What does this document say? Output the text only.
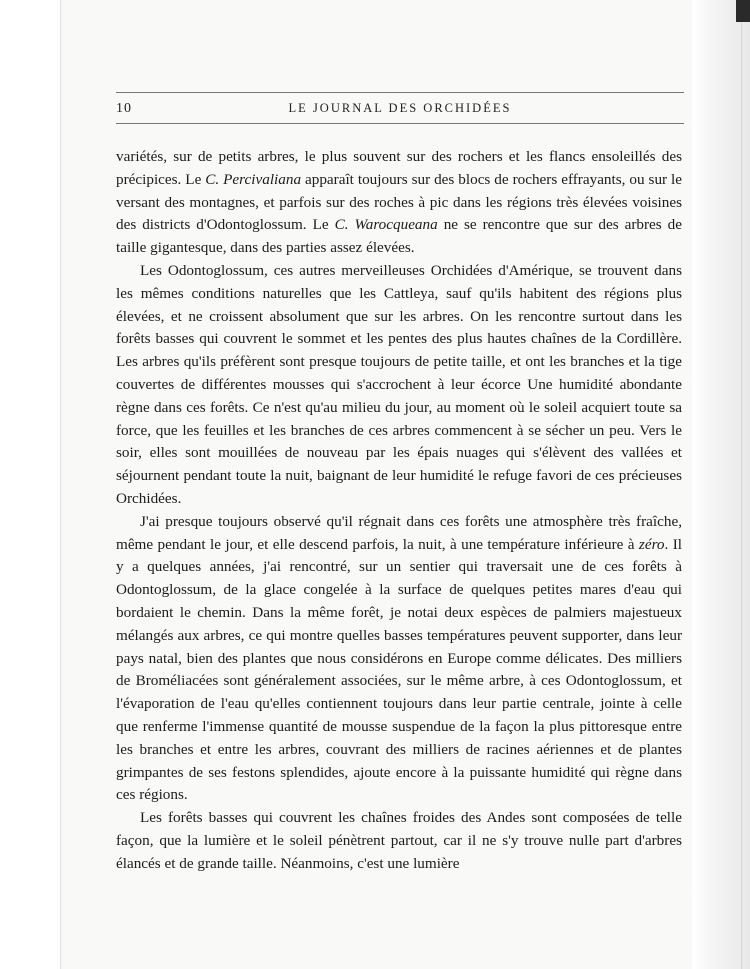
10	LE JOURNAL DES ORCHIDÉES

variétés, sur de petits arbres, le plus souvent sur des rochers et les flancs ensoleillés des précipices. Le C. Percivaliana apparaît toujours sur des blocs de rochers effrayants, ou sur le versant des montagnes, et parfois sur des roches à pic dans les régions très élevées voisines des districts d'Odontoglossum. Le C. Warocqueana ne se rencontre que sur des arbres de taille gigantesque, dans des parties assez élevées.

Les Odontoglossum, ces autres merveilleuses Orchidées d'Amérique, se trouvent dans les mêmes conditions naturelles que les Cattleya, sauf qu'ils habitent des régions plus élevées, et ne croissent absolument que sur les arbres. On les rencontre surtout dans les forêts basses qui couvrent le sommet et les pentes des plus hautes chaînes de la Cordillère. Les arbres qu'ils préfèrent sont presque toujours de petite taille, et ont les branches et la tige couvertes de différentes mousses qui s'accrochent à leur écorce Une humidité abondante règne dans ces forêts. Ce n'est qu'au milieu du jour, au moment où le soleil acquiert toute sa force, que les feuilles et les branches de ces arbres commencent à se sécher un peu. Vers le soir, elles sont mouillées de nouveau par les épais nuages qui s'élèvent des vallées et séjournent pendant toute la nuit, baignant de leur humidité le refuge favori de ces précieuses Orchidées.

J'ai presque toujours observé qu'il régnait dans ces forêts une atmosphère très fraîche, même pendant le jour, et elle descend parfois, la nuit, à une température inférieure à zéro. Il y a quelques années, j'ai rencontré, sur un sentier qui traversait une de ces forêts à Odontoglossum, de la glace congelée à la surface de quelques petites mares d'eau qui bordaient le chemin. Dans la même forêt, je notai deux espèces de palmiers majestueux mélangés aux arbres, ce qui montre quelles basses températures peuvent supporter, dans leur pays natal, bien des plantes que nous considérons en Europe comme délicates. Des milliers de Broméliacées sont généralement associées, sur le même arbre, à ces Odontoglossum, et l'évaporation de l'eau qu'elles contiennent toujours dans leur partie centrale, jointe à celle que renferme l'immense quantité de mousse suspendue de la façon la plus pittoresque entre les branches et entre les arbres, couvrant des milliers de racines aériennes et de plantes grimpantes de ses festons splendides, ajoute encore à la puissante humidité qui règne dans ces régions.

Les forêts basses qui couvrent les chaînes froides des Andes sont composées de telle façon, que la lumière et le soleil pénètrent partout, car il ne s'y trouve nulle part d'arbres élancés et de grande taille. Néanmoins, c'est une lumière
